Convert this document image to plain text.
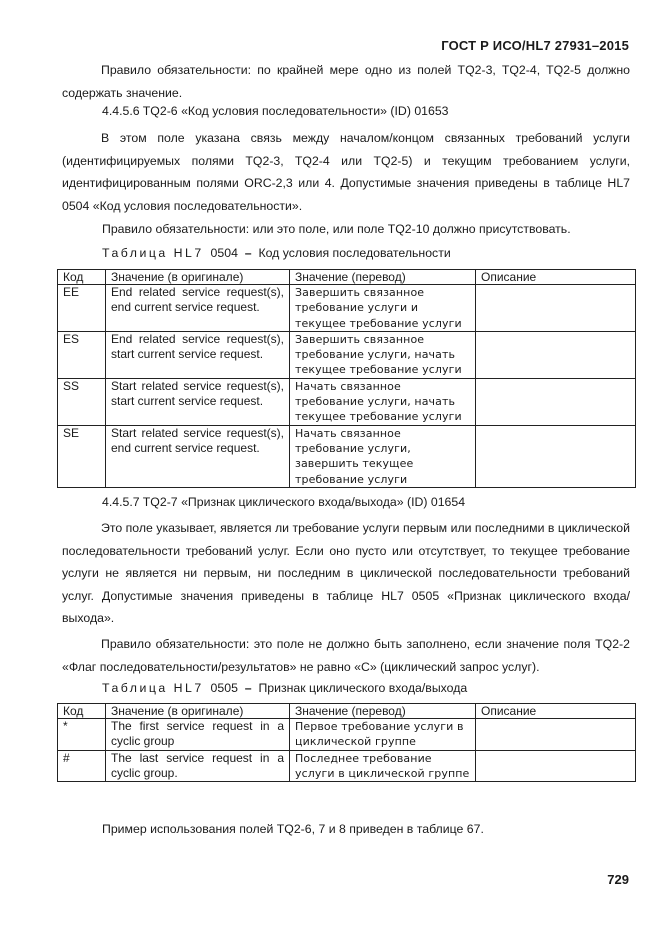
ГОСТ Р ИСО/HL7 27931–2015
Правило обязательности: по крайней мере одно из полей TQ2-3, TQ2-4, TQ2-5 должно содержать значение.
4.4.5.6 TQ2-6 «Код условия последовательности» (ID) 01653
В этом поле указана связь между началом/концом связанных требований услуги (идентифицируемых полями TQ2-3, TQ2-4 или TQ2-5) и текущим требованием услуги, идентифицированным полями ORC-2,3 или 4. Допустимые значения приведены в таблице HL7 0504 «Код условия последовательности».
Правило обязательности: или это поле, или поле TQ2-10 должно присутствовать.
Таблица HL7 0504 – Код условия последовательности
Код	Значение (в оригинале)	Значение (перевод)	Описание
EE	End related service request(s), end current service request.	Завершить связанное требование услуги и текущее требование услуги	
ES	End related service request(s), start current service request.	Завершить связанное требование услуги, начать текущее требование услуги	
SS	Start related service request(s), start current service request.	Начать связанное требование услуги, начать текущее требование услуги	
SE	Start related service request(s), end current service request.	Начать связанное требование услуги, завершить текущее требование услуги	
4.4.5.7 TQ2-7 «Признак циклического входа/выхода» (ID) 01654
Это поле указывает, является ли требование услуги первым или последними в циклической последовательности требований услуг. Если оно пусто или отсутствует, то текущее требование услуги не является ни первым, ни последним в циклической последовательности требований услуг. Допустимые значения приведены в таблице HL7 0505 «Признак циклического входа/выхода».
Правило обязательности: это поле не должно быть заполнено, если значение поля TQ2-2 «Флаг последовательности/результатов» не равно «C» (циклический запрос услуг).
Таблица HL7 0505 – Признак циклического входа/выхода
Код	Значение (в оригинале)	Значение (перевод)	Описание
*	The first service request in a cyclic group	Первое требование услуги в циклической группе	
#	The last service request in a cyclic group.	Последнее требование услуги в циклической группе	
Пример использования полей TQ2-6, 7 и 8 приведен в таблице 67.
729
